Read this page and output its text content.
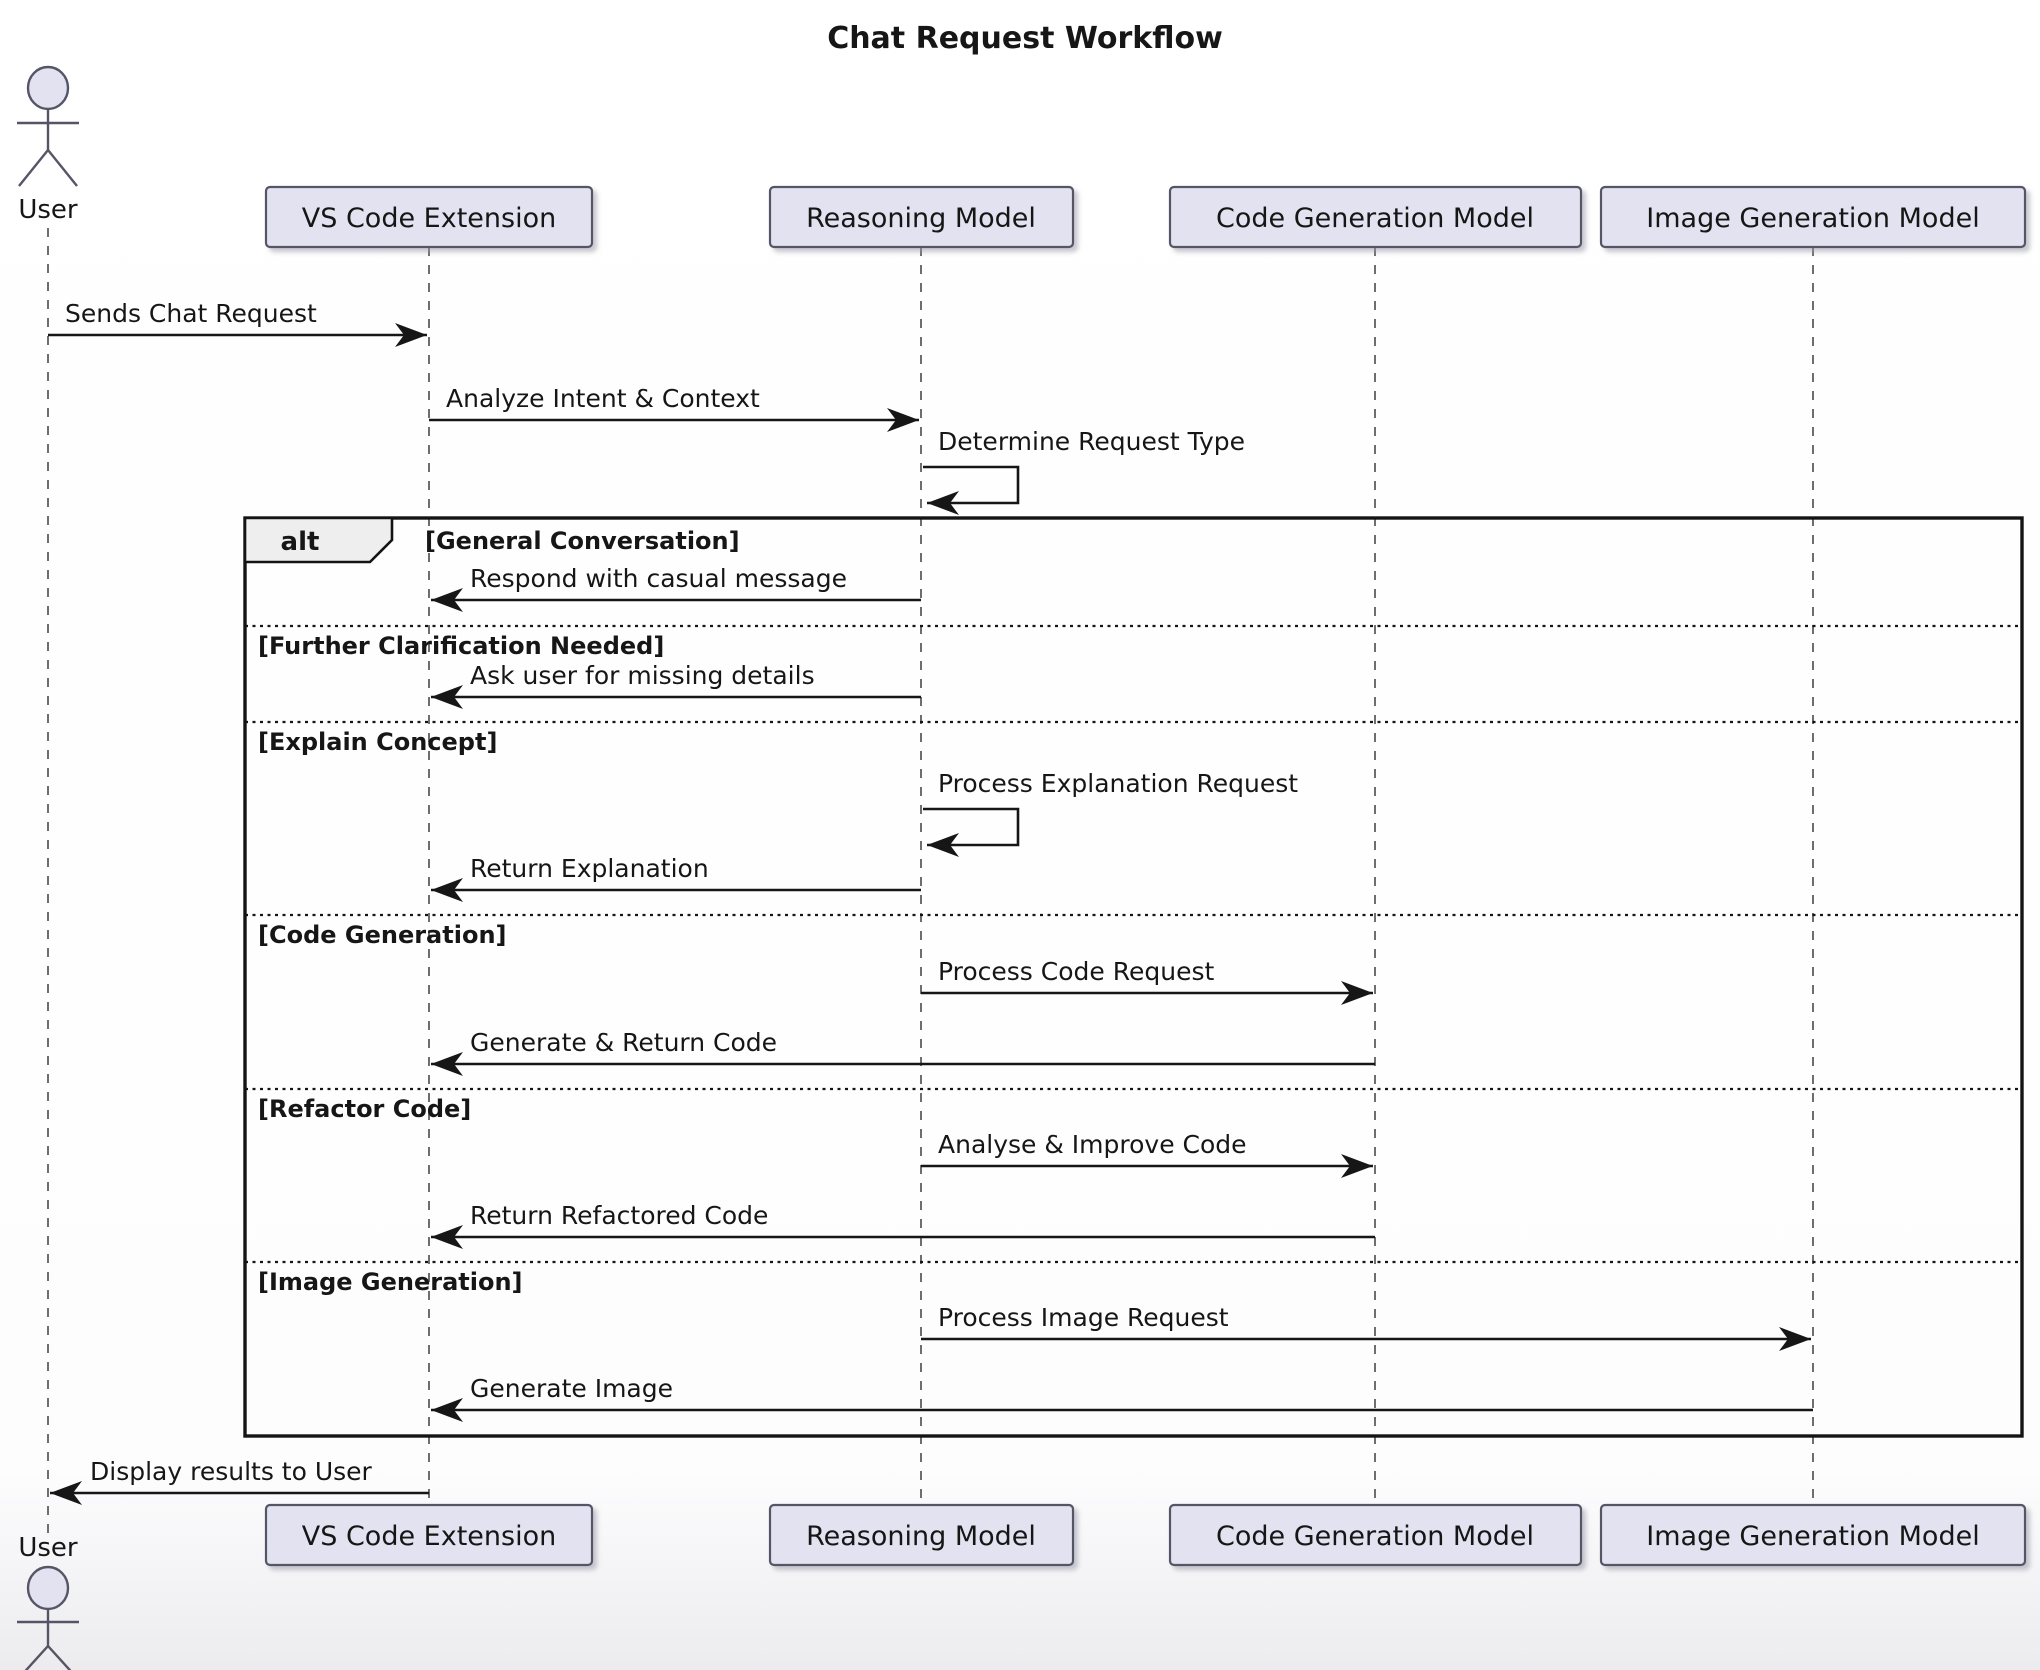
Chat Request Workflow
User	VS Code Extension	Reasoning Model	Code Generation Model	Image Generation Model
Sends Chat Request
Analyze Intent & Context
Determine Request Type
alt	[General Conversation]
Respond with casual message
[Further Clarification Needed]
Ask user for missing details
[Explain Concept]
Process Explanation Request
Return Explanation
[Code Generation]
Process Code Request
Generate & Return Code
[Refactor Code]
Analyse & Improve Code
Return Refactored Code
[Image Generation]
Process Image Request
Generate Image
Display results to User
VS Code Extension	Reasoning Model	Code Generation Model	Image Generation Model
User
